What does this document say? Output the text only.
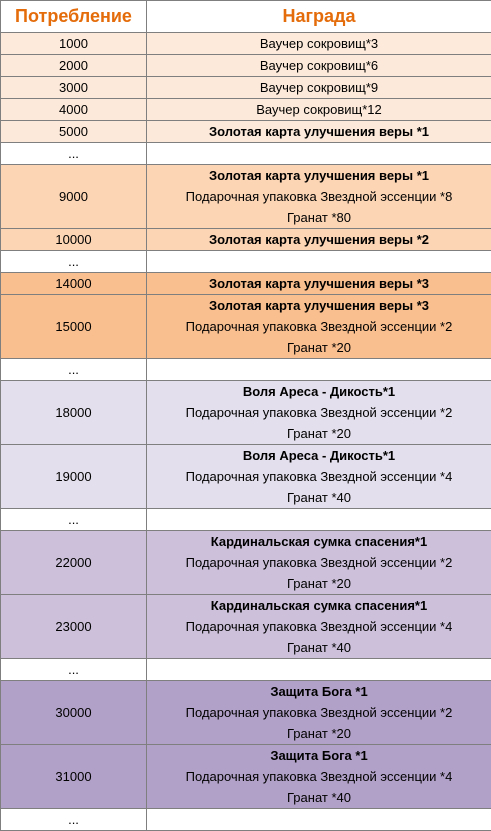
Потребление	Награда
1000	Ваучер сокровищ*3

2000	Ваучер сокровищ*6

3000	Ваучер сокровищ*9

4000	Ваучер сокровищ*12

5000	Золотая карта улучшения веры *1

...	

9000	Золотая карта улучшения веры *1
Подарочная упаковка Звездной эссенции *8
Гранат *80

10000	Золотая карта улучшения веры *2

...	

14000	Золотая карта улучшения веры *3

15000	Золотая карта улучшения веры *3
Подарочная упаковка Звездной эссенции *2
Гранат *20

...	

18000	Воля Ареса - Дикость*1
Подарочная упаковка Звездной эссенции *2
Гранат *20

19000	Воля Ареса - Дикость*1
Подарочная упаковка Звездной эссенции *4
Гранат *40

...	

22000	Кардинальская сумка спасения*1
Подарочная упаковка Звездной эссенции *2
Гранат *20

23000	Кардинальская сумка спасения*1
Подарочная упаковка Звездной эссенции *4
Гранат *40

...	

30000	Защита Бога *1
Подарочная упаковка Звездной эссенции *2
Гранат *20

31000	Защита Бога *1
Подарочная упаковка Звездной эссенции *4
Гранат *40

...	
